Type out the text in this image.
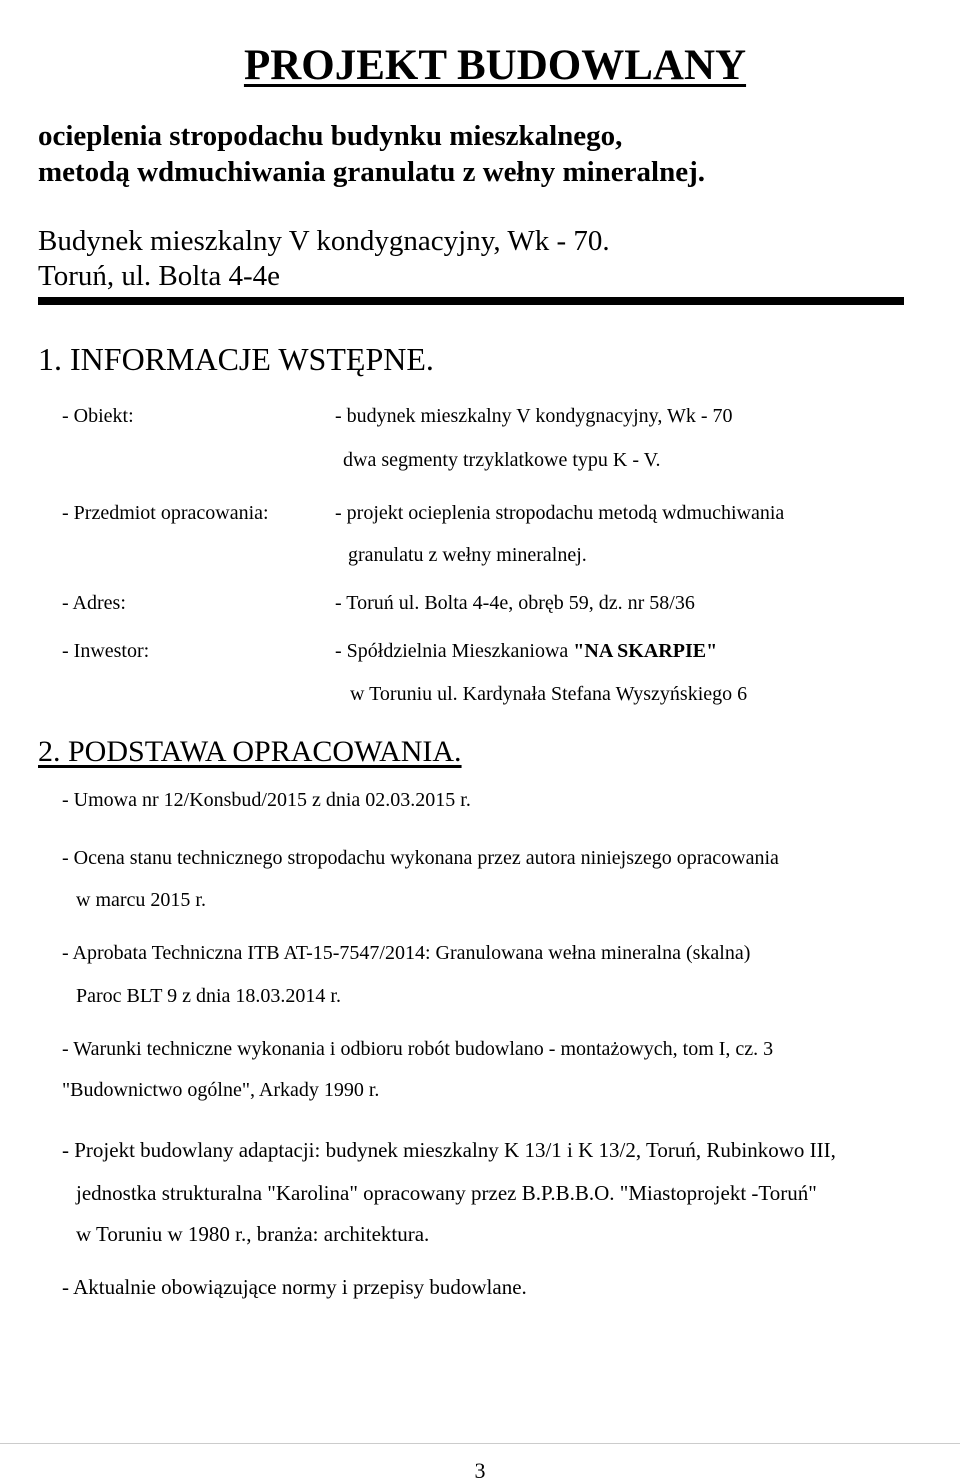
PROJEKT BUDOWLANY
ocieplenia stropodachu budynku mieszkalnego,
metodą wdmuchiwania granulatu z wełny mineralnej.
Budynek mieszkalny V kondygnacyjny, Wk - 70.
Toruń, ul. Bolta 4-4e
1. INFORMACJE WSTĘPNE.
- Obiekt:	- budynek mieszkalny V kondygnacyjny, Wk - 70
dwa segmenty trzyklatkowe typu K - V.
- Przedmiot opracowania:	- projekt ocieplenia stropodachu metodą wdmuchiwania
granulatu z wełny mineralnej.
- Adres:	- Toruń ul. Bolta 4-4e, obręb 59, dz. nr 58/36
- Inwestor:	- Spółdzielnia Mieszkaniowa "NA SKARPIE"
w Toruniu ul. Kardynała Stefana Wyszyńskiego 6
2. PODSTAWA OPRACOWANIA.
- Umowa nr 12/Konsbud/2015 z dnia 02.03.2015 r.
- Ocena stanu technicznego stropodachu wykonana przez autora niniejszego opracowania
w marcu 2015 r.
- Aprobata Techniczna ITB AT-15-7547/2014: Granulowana wełna mineralna (skalna)
Paroc BLT 9 z dnia 18.03.2014 r.
- Warunki techniczne wykonania i odbioru robót budowlano - montażowych, tom I, cz. 3
"Budownictwo ogólne", Arkady 1990 r.
- Projekt budowlany adaptacji: budynek mieszkalny K 13/1 i K 13/2, Toruń, Rubinkowo III,
jednostka strukturalna "Karolina" opracowany przez B.P.B.B.O. "Miastoprojekt -Toruń"
w Toruniu w 1980 r., branża: architektura.
- Aktualnie obowiązujące normy i przepisy budowlane.
3
